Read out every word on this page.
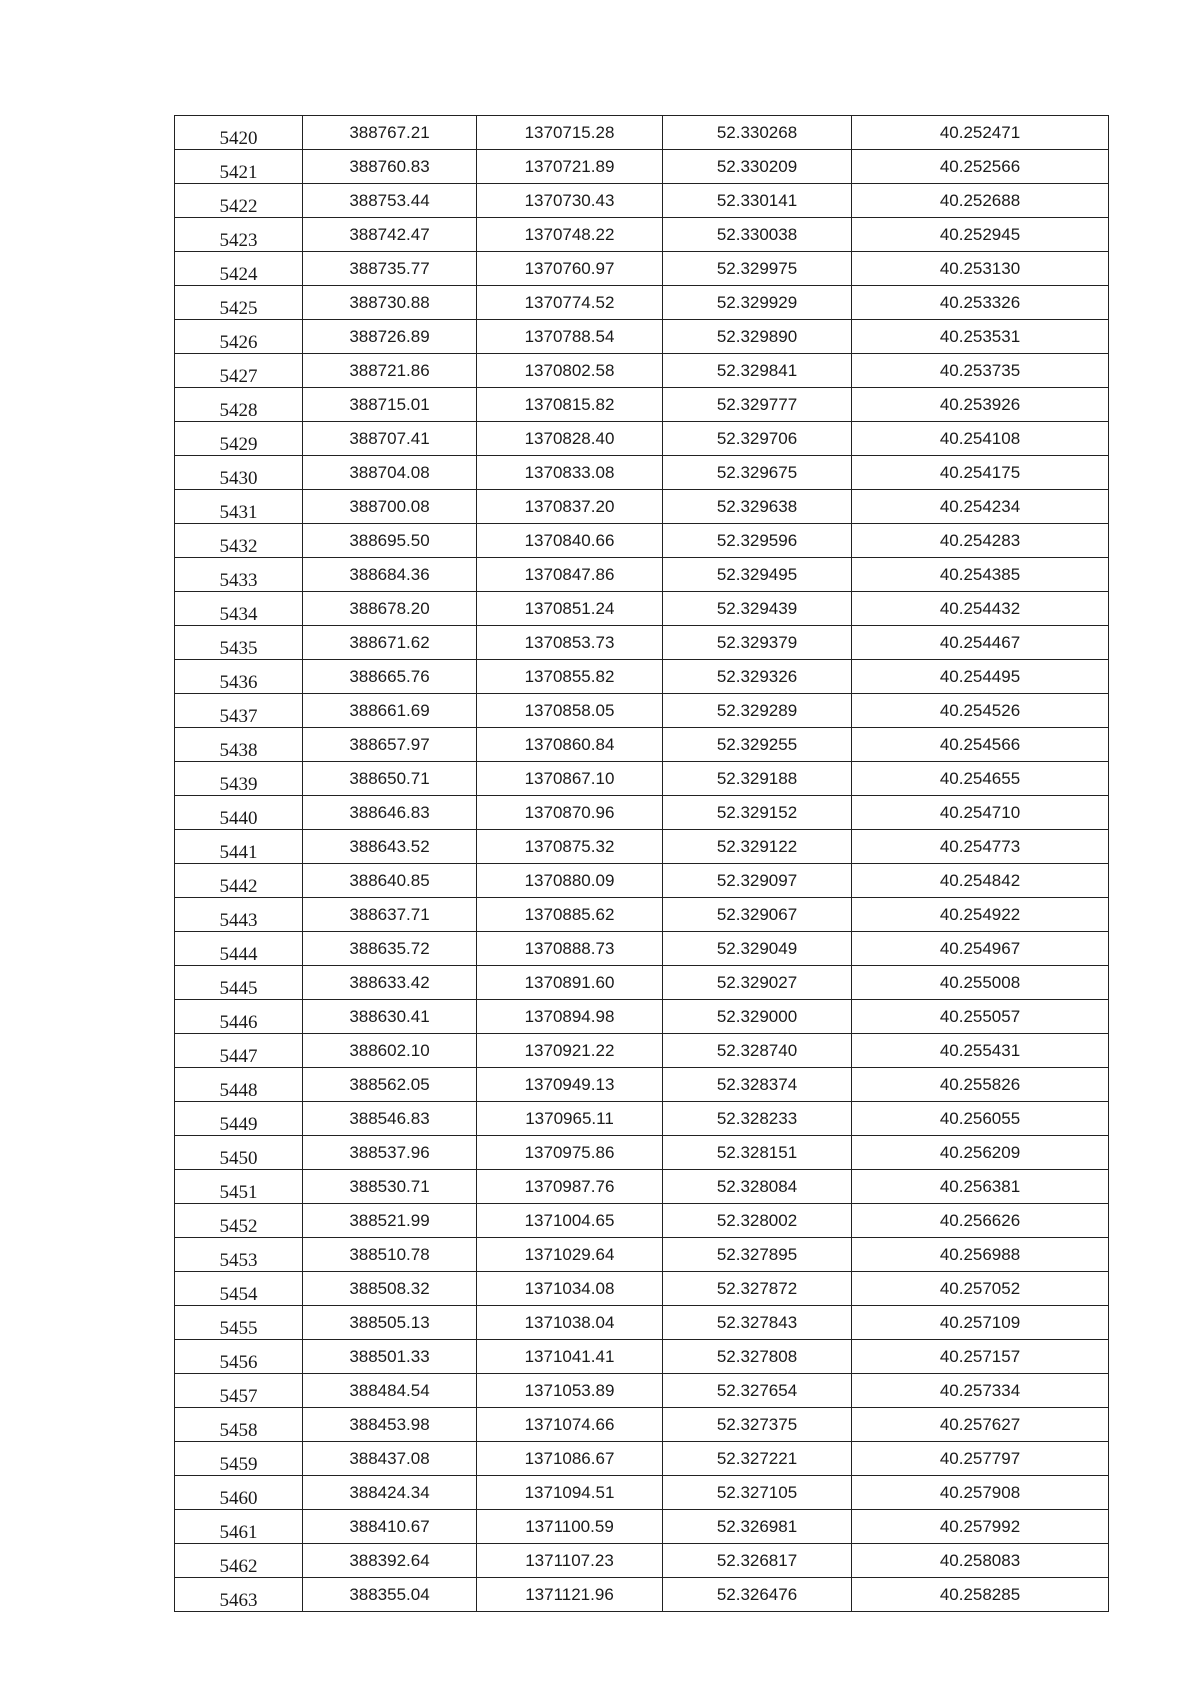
5420	388767.21	1370715.28	52.330268	40.252471
5421	388760.83	1370721.89	52.330209	40.252566
5422	388753.44	1370730.43	52.330141	40.252688
5423	388742.47	1370748.22	52.330038	40.252945
5424	388735.77	1370760.97	52.329975	40.253130
5425	388730.88	1370774.52	52.329929	40.253326
5426	388726.89	1370788.54	52.329890	40.253531
5427	388721.86	1370802.58	52.329841	40.253735
5428	388715.01	1370815.82	52.329777	40.253926
5429	388707.41	1370828.40	52.329706	40.254108
5430	388704.08	1370833.08	52.329675	40.254175
5431	388700.08	1370837.20	52.329638	40.254234
5432	388695.50	1370840.66	52.329596	40.254283
5433	388684.36	1370847.86	52.329495	40.254385
5434	388678.20	1370851.24	52.329439	40.254432
5435	388671.62	1370853.73	52.329379	40.254467
5436	388665.76	1370855.82	52.329326	40.254495
5437	388661.69	1370858.05	52.329289	40.254526
5438	388657.97	1370860.84	52.329255	40.254566
5439	388650.71	1370867.10	52.329188	40.254655
5440	388646.83	1370870.96	52.329152	40.254710
5441	388643.52	1370875.32	52.329122	40.254773
5442	388640.85	1370880.09	52.329097	40.254842
5443	388637.71	1370885.62	52.329067	40.254922
5444	388635.72	1370888.73	52.329049	40.254967
5445	388633.42	1370891.60	52.329027	40.255008
5446	388630.41	1370894.98	52.329000	40.255057
5447	388602.10	1370921.22	52.328740	40.255431
5448	388562.05	1370949.13	52.328374	40.255826
5449	388546.83	1370965.11	52.328233	40.256055
5450	388537.96	1370975.86	52.328151	40.256209
5451	388530.71	1370987.76	52.328084	40.256381
5452	388521.99	1371004.65	52.328002	40.256626
5453	388510.78	1371029.64	52.327895	40.256988
5454	388508.32	1371034.08	52.327872	40.257052
5455	388505.13	1371038.04	52.327843	40.257109
5456	388501.33	1371041.41	52.327808	40.257157
5457	388484.54	1371053.89	52.327654	40.257334
5458	388453.98	1371074.66	52.327375	40.257627
5459	388437.08	1371086.67	52.327221	40.257797
5460	388424.34	1371094.51	52.327105	40.257908
5461	388410.67	1371100.59	52.326981	40.257992
5462	388392.64	1371107.23	52.326817	40.258083
5463	388355.04	1371121.96	52.326476	40.258285
